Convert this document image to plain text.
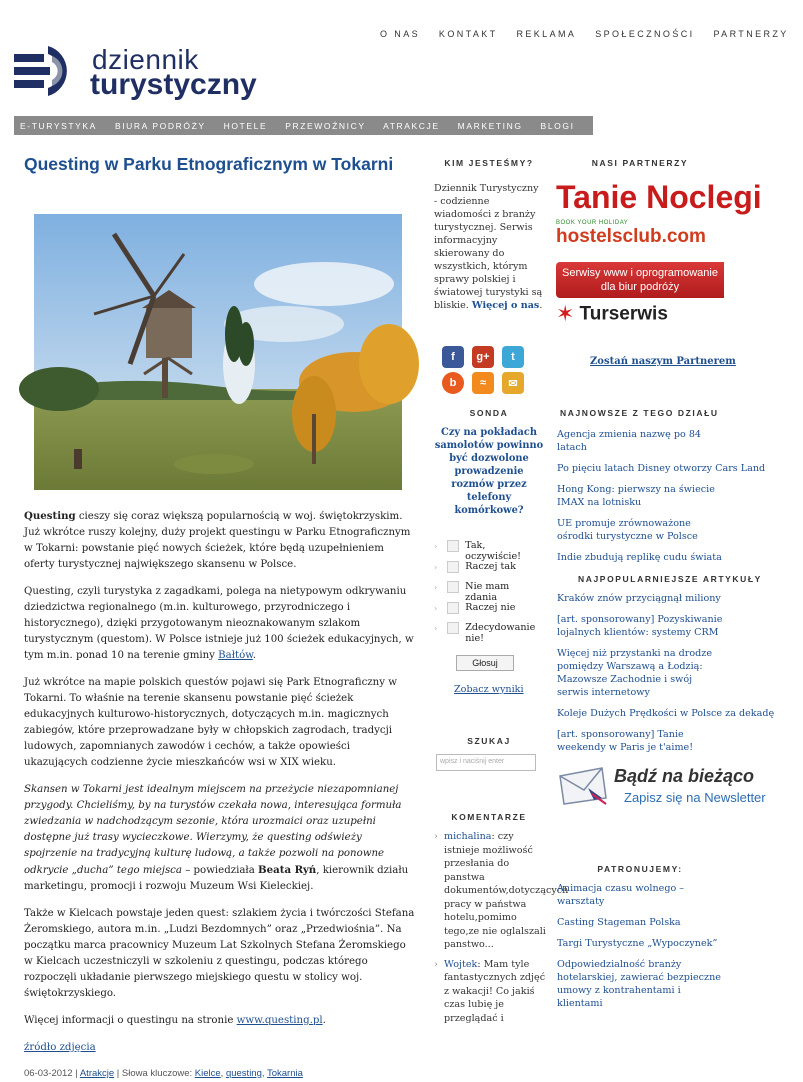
O NAS KONTAKT REKLAMA SPOŁECZNOŚCI PARTNERZY
dziennik
turystyczny
E-TURYSTYKA BIURA PODRÓŻY HOTELE PRZEWOŹNICY ATRAKCJE MARKETING BLOGI INNE PATRONATY
Questing w Parku Etnograficznym w Tokarni

Questing cieszy się coraz większą popularnością w woj. świętokrzyskim. Już wkrótce ruszy kolejny, duży projekt questingu w Parku Etnograficznym w Tokarni: powstanie pięć nowych ścieżek, które będą uzupełnieniem oferty turystycznej największego skansenu w Polsce.

Questing, czyli turystyka z zagadkami, polega na nietypowym odkrywaniu dziedzictwa regionalnego (m.in. kulturowego, przyrodniczego i historycznego), dzięki przygotowanym nieoznakowanym szlakom turystycznym (questom). W Polsce istnieje już 100 ścieżek edukacyjnych, w tym m.in. ponad 10 na terenie gminy Bałtów.

Już wkrótce na mapie polskich questów pojawi się Park Etnograficzny w Tokarni. To właśnie na terenie skansenu powstanie pięć ścieżek edukacyjnych kulturowo-historycznych, dotyczących m.in. magicznych zabiegów, które przeprowadzane były w chłopskich zagrodach, tradycji ludowych, zapomnianych zawodów i cechów, a także opowieści ukazujących codzienne życie mieszkańców wsi w XIX wieku.

Skansen w Tokarni jest idealnym miejscem na przeżycie niezapomnianej przygody. Chcieliśmy, by na turystów czekała nowa, interesująca formuła zwiedzania w nadchodzącym sezonie, która urozmaici oraz uzupełni dostępne już trasy wycieczkowe. Wierzymy, że questing odświeży spojrzenie na tradycyjną kulturę ludową, a także pozwoli na ponowne odkrycie „ducha” tego miejsca – powiedziała Beata Ryń, kierownik działu marketingu, promocji i rozwoju Muzeum Wsi Kieleckiej.

Także w Kielcach powstaje jeden quest: szlakiem życia i twórczości Stefana Żeromskiego, autora m.in. „Ludzi Bezdomnych” oraz „Przedwiośnia”. Na początku marca pracownicy Muzeum Lat Szkolnych Stefana Żeromskiego w Kielcach uczestniczyli w szkoleniu z questingu, podczas którego rozpoczęli układanie pierwszego miejskiego questu w stolicy woj. świętokrzyskiego.

Więcej informacji o questingu na stronie www.questing.pl.

źródło zdjęcia

06-03-2012 | Atrakcje | Słowa kluczowe: Kielce, questing, Tokarnia
KIM JESTEŚMY?
Dziennik Turystyczny - codzienne wiadomości z branży turystycznej. Serwis informacyjny skierowany do wszystkich, którym sprawy polskiej i światowej turystyki są bliskie. Więcej o nas.
f	g+	t
b	≈	✉
SONDA
Czy na pokładach samolotów powinno być dozwolone prowadzenie rozmów przez telefony komórkowe?
›	Tak, oczywiście!
›	Raczej tak
›	Nie mam zdania
›	Raczej nie
›	Zdecydowanie nie!
Głosuj
Zobacz wyniki
SZUKAJ
wpisz i naciśnij enter
KOMENTARZE
› michalina: czy istnieje możliwość przesłania do panstwa dokumentów,dotyczących pracy w państwa hotelu,pomimo tego,ze nie oglalszali panstwo...
› Wojtek: Mam tyle fantastycznych zdjęć z wakacji! Co jakiś czas lubię je przeglądać i
NASI PARTNERZY
Tanie Noclegi
BOOK YOUR HOLIDAY
hostelsclub.com
Serwisy www i oprogramowanie
dla biur podróży
✶ Turserwis
Zostań naszym Partnerem
NAJNOWSZE Z TEGO DZIAŁU
Agencja zmienia nazwę po 84 latach
Po pięciu latach Disney otworzy Cars Land
Hong Kong: pierwszy na świecie IMAX na lotnisku
UE promuje zrównoważone ośrodki turystyczne w Polsce
Indie zbudują replikę cudu świata
NAJPOPULARNIEJSZE ARTYKUŁY
Kraków znów przyciągnął miliony
[art. sponsorowany] Pozyskiwanie lojalnych klientów: systemy CRM
Więcej niż przystanki na drodze pomiędzy Warszawą a Łodzią: Mazowsze Zachodnie i swój serwis internetowy
Koleje Dużych Prędkości w Polsce za dekadę
[art. sponsorowany] Tanie weekendy w Paris je t'aime!
Bądź na bieżąco
Zapisz się na Newsletter
PATRONUJEMY:
Animacja czasu wolnego – warsztaty
Casting Stageman Polska
Targi Turystyczne „Wypoczynek”
Odpowiedzialność branży hotelarskiej, zawierać bezpieczne umowy z kontrahentami i klientami
